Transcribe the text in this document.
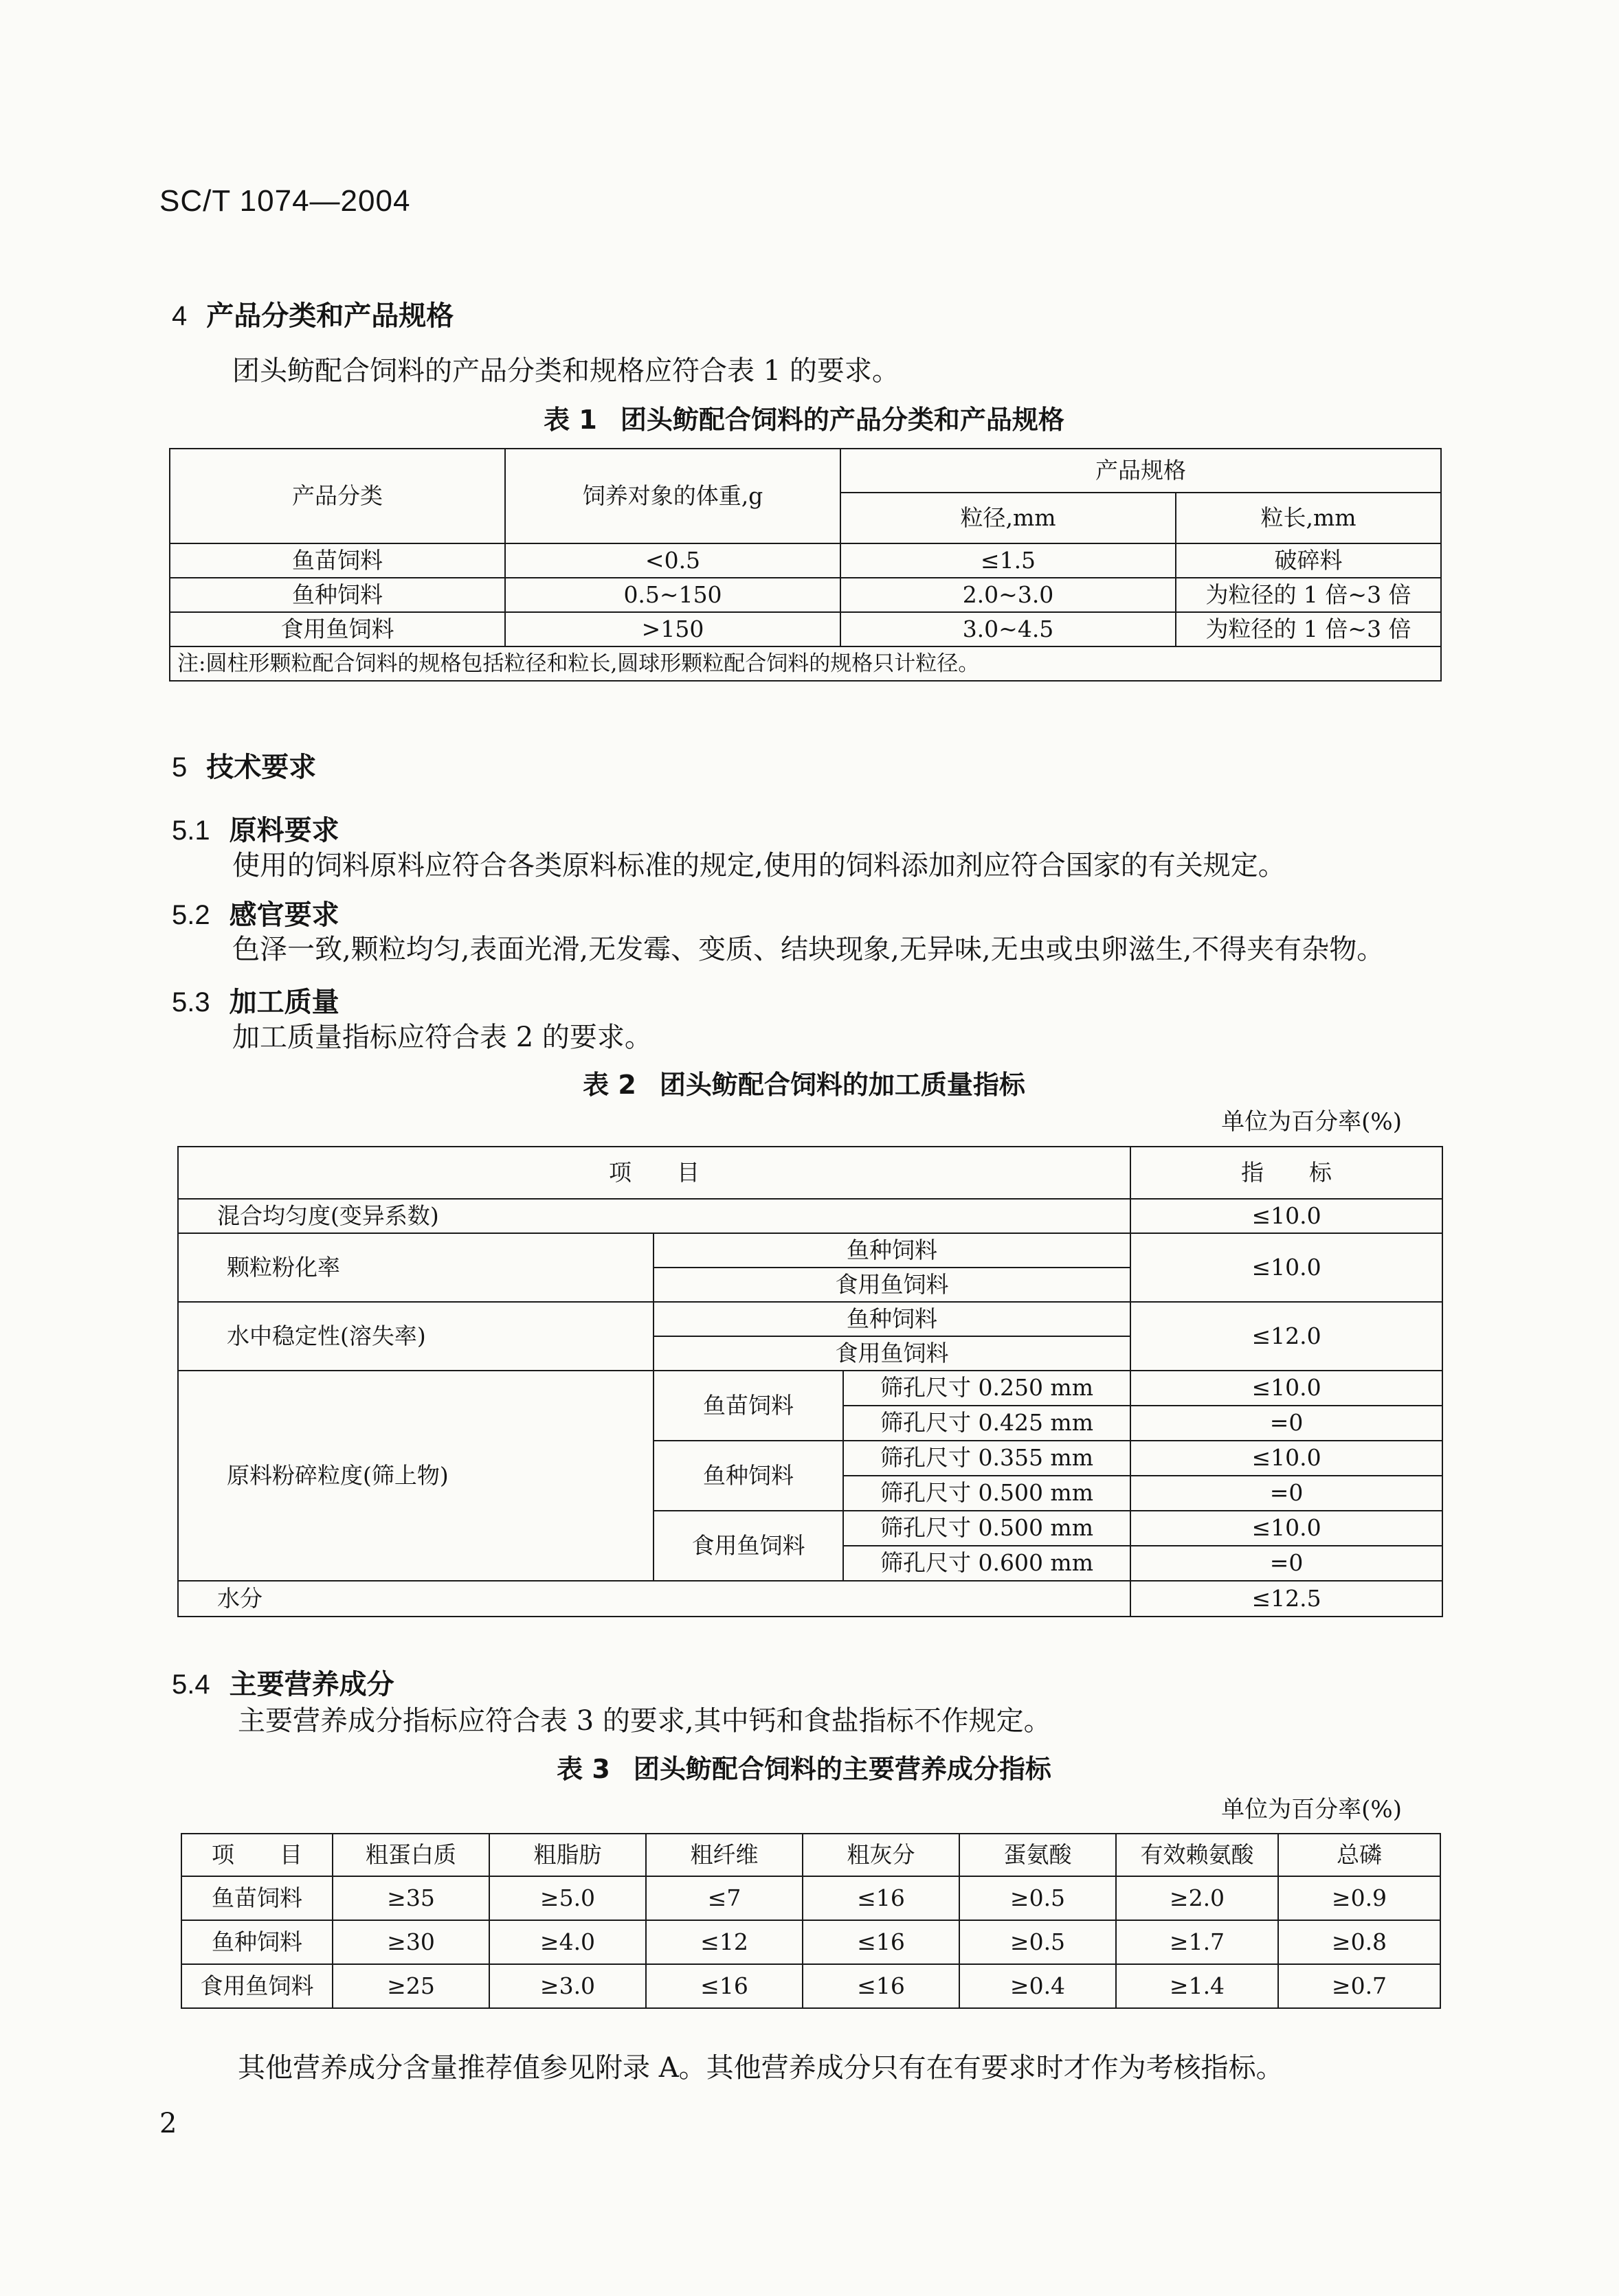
SC/T 1074—2004
4 产品分类和产品规格
团头鲂配合饲料的产品分类和规格应符合表 1 的要求。
表 1 团头鲂配合饲料的产品分类和产品规格
产品分类	饲养对象的体重,g	产品规格	
		粒径,mm	粒长,mm
鱼苗饲料	<0.5	≤1.5	破碎料
鱼种饲料	0.5~150	2.0~3.0	为粒径的 1 倍~3 倍
食用鱼饲料	>150	3.0~4.5	为粒径的 1 倍~3 倍
注:圆柱形颗粒配合饲料的规格包括粒径和粒长,圆球形颗粒配合饲料的规格只计粒径。			
5 技术要求
5.1 原料要求
使用的饲料原料应符合各类原料标准的规定,使用的饲料添加剂应符合国家的有关规定。
5.2 感官要求
色泽一致,颗粒均匀,表面光滑,无发霉、变质、结块现象,无异味,无虫或虫卵滋生,不得夹有杂物。
5.3 加工质量
加工质量指标应符合表 2 的要求。
表 2 团头鲂配合饲料的加工质量指标
单位为百分率(%)
项　　目			指　　标
混合均匀度(变异系数)			≤10.0
颗粒粉化率	鱼种饲料		≤10.0
	食用鱼饲料		
水中稳定性(溶失率)	鱼种饲料		≤12.0
	食用鱼饲料		
原料粉碎粒度(筛上物)	鱼苗饲料	筛孔尺寸 0.250 mm	≤10.0
		筛孔尺寸 0.425 mm	=0
	鱼种饲料	筛孔尺寸 0.355 mm	≤10.0
		筛孔尺寸 0.500 mm	=0
	食用鱼饲料	筛孔尺寸 0.500 mm	≤10.0
		筛孔尺寸 0.600 mm	=0
水分			≤12.5
5.4 主要营养成分
主要营养成分指标应符合表 3 的要求,其中钙和食盐指标不作规定。
表 3 团头鲂配合饲料的主要营养成分指标
单位为百分率(%)
项　　目	粗蛋白质	粗脂肪	粗纤维	粗灰分	蛋氨酸	有效赖氨酸	总磷
鱼苗饲料	≥35	≥5.0	≤7	≤16	≥0.5	≥2.0	≥0.9
鱼种饲料	≥30	≥4.0	≤12	≤16	≥0.5	≥1.7	≥0.8
食用鱼饲料	≥25	≥3.0	≤16	≤16	≥0.4	≥1.4	≥0.7
其他营养成分含量推荐值参见附录 A。其他营养成分只有在有要求时才作为考核指标。
2
